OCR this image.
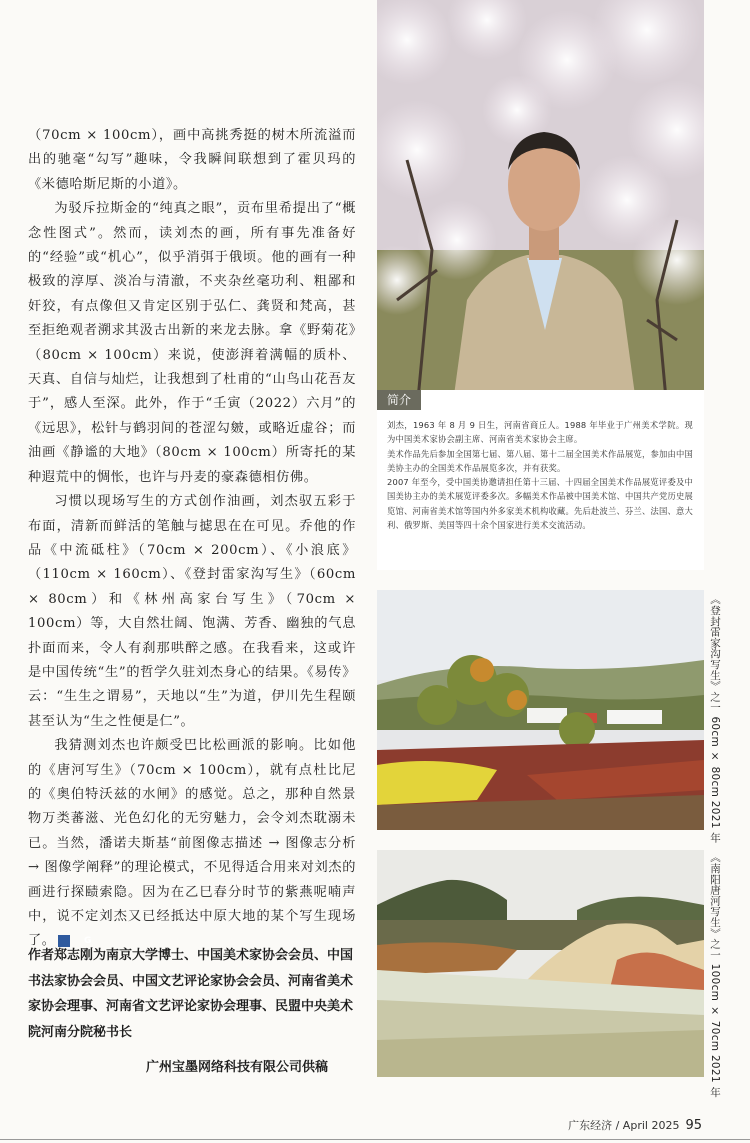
（70cm × 100cm），画中高挑秀挺的树木所流溢而出的驰毫“勾写”趣味，令我瞬间联想到了霍贝玛的《米德哈斯尼斯的小道》。

为驳斥拉斯金的“纯真之眼”，贡布里希提出了“概念性图式”。然而，读刘杰的画，所有事先准备好的“经验”或“机心”，似乎消弭于俄顷。他的画有一种极致的淳厚、淡冶与清澈，不夹杂丝毫功利、粗鄙和奸狡，有点像但又肯定区别于弘仁、龚贤和梵高，甚至拒绝观者溯求其汲古出新的来龙去脉。拿《野菊花》（80cm × 100cm）来说，使澎湃着满幅的质朴、天真、自信与灿烂，让我想到了杜甫的“山鸟山花吾友于”，感人至深。此外，作于“壬寅（2022）六月”的《远思》，松针与鹤羽间的苍涩勾皴，或略近虚谷；而油画《静谧的大地》（80cm × 100cm）所寄托的某种遐荒中的惆怅，也许与丹麦的豪森德相仿佛。

习惯以现场写生的方式创作油画，刘杰驭五彩于布面，清新而鲜活的笔触与摅思在在可见。乔他的作品《中流砥柱》（70cm × 200cm）、《小浪底》（110cm × 160cm）、《登封雷家沟写生》（60cm × 80cm）和《林州高家台写生》（70cm × 100cm）等，大自然壮阔、饱满、芳香、幽独的气息扑面而来，令人有刹那哄醉之感。在我看来，这或许是中国传统“生”的哲学久驻刘杰身心的结果。《易传》云：“生生之谓易”，天地以“生”为道，伊川先生程颐甚至认为“生之性便是仁”。

我猜测刘杰也许颇受巴比松画派的影响。比如他的《唐河写生》（70cm × 100cm），就有点杜比尼的《奥伯特沃兹的水闸》的感觉。总之，那种自然景物万类蕃滋、光色幻化的无穷魅力，会令刘杰耽溺未已。当然，潘诺夫斯基“前图像志描述 → 图像志分析 → 图像学阐释”的理论模式，不见得适合用来对刘杰的画进行探赜索隐。因为在乙巳春分时节的紫燕呢喃声中，说不定刘杰又已经抵达中原大地的某个写生现场了。	G

作者郑志刚为南京大学博士、中国美术家协会会员、中国书法家协会会员、中国文艺评论家协会会员、河南省美术家协会理事、河南省文艺评论家协会理事、民盟中央美术院河南分院秘书长
广州宝墨网络科技有限公司供稿
简介

刘杰，1963 年 8 月 9 日生，河南省商丘人。1988 年毕业于广州美术学院。现为中国美术家协会副主席、河南省美术家协会主席。

美术作品先后参加全国第七届、第八届、第十二届全国美术作品展览，参加由中国美协主办的全国美术作品展览多次，并有获奖。

2007 年至今，受中国美协邀请担任第十三届、十四届全国美术作品展览评委及中国美协主办的美术展览评委多次。多幅美术作品被中国美术馆、中国共产党历史展览馆、河南省美术馆等国内外多家美术机构收藏。先后赴波兰、芬兰、法国、意大利、俄罗斯、美国等四十余个国家进行美术交流活动。

《登封雷家沟写生》之一 60cm × 80cm 2021 年
《南阳唐河写生》之一 100cm × 70cm 2021 年
广东经济 / April 2025 95
